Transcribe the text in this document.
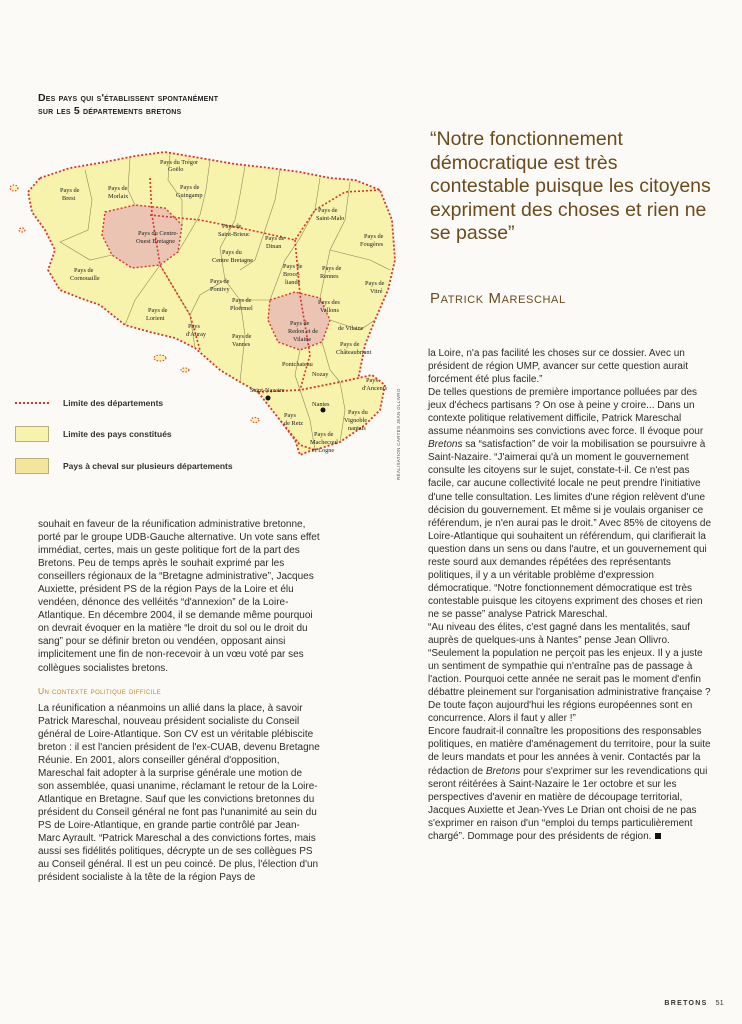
Des pays qui s'établissent spontanément
sur les 5 départements bretons
Pays du Trégor
Goëlo
Pays de
Brest
Pays de
Morlaix
Pays de
Guingamp
Pays du Centre-
Ouest Bretagne
Pays de
Saint-Brieuc
Pays de
Dinan
Pays de
Saint-Malo
Pays de
Fougères
Pays du
Centre Bretagne
Pays de
Cornouaille	Pays de
Pontivy
Pays de
Broce-
liande
Pays de
Rennes
Pays de
Vitré
Pays de
Ploërmel
Pays de
Lorient
Pays des
Vallons
de Vilaine
Pays
d'Auray	Pays de
Vannes
Pays de
Redon et de
Vilaine
Pays de
Châteaubriant
Pontchateau
Nozay
Pays
d'Ancenis
Saint-Nazaire
Nantes
Pays
de Retz
Pays du
Vignoble
nantais
Pays de
Machecoul
et Logne	RÉALISATION CARTES JEAN OLLIVRO
Limite des départements
Limite des pays constitués
Pays à cheval sur plusieurs départements
“Notre fonctionnement démocratique est très contestable puisque les citoyens expriment des choses et rien ne se passe”
Patrick Mareschal

souhait en faveur de la réunification administrative bretonne, porté par le groupe UDB-Gauche alternative. Un vote sans effet immédiat, certes, mais un geste politique fort de la part des Bretons. Peu de temps après le souhait exprimé par les conseillers régionaux de la “Bretagne administrative”, Jacques Auxiette, président PS de la région Pays de la Loire et élu vendéen, dénonce des velléités “d'annexion” de la Loire-Atlantique. En décembre 2004, il se demande même pourquoi on devrait évoquer en la matière “le droit du sol ou le droit du sang” pour se définir breton ou vendéen, opposant ainsi implicitement une fin de non-recevoir à un vœu voté par ses collègues socialistes bretons.

Un contexte politique difficile

La réunification a néanmoins un allié dans la place, à savoir Patrick Mareschal, nouveau président socialiste du Conseil général de Loire-Atlantique. Son CV est un véritable plébiscite breton : il est l'ancien président de l'ex-CUAB, devenu Bretagne Réunie. En 2001, alors conseiller général d'opposition, Mareschal fait adopter à la surprise générale une motion de son assemblée, quasi unanime, réclamant le retour de la Loire-Atlantique en Bretagne. Sauf que les convictions bretonnes du président du Conseil général ne font pas l'unanimité au sein du PS de Loire-Atlantique, en grande partie contrôlé par Jean-Marc Ayrault. “Patrick Mareschal a des convictions fortes, mais aussi ses fidélités politiques, décrypte un de ses collègues PS au Conseil général. Il est un peu coincé. De plus, l'élection d'un président socialiste à la tête de la région Pays de

la Loire, n'a pas facilité les choses sur ce dossier. Avec un président de région UMP, avancer sur cette question aurait forcément été plus facile.”

De telles questions de première importance polluées par des jeux d'échecs partisans ? On ose à peine y croire... Dans un contexte politique relativement difficile, Patrick Mareschal assume néanmoins ses convictions avec force. Il évoque pour Bretons sa “satisfaction” de voir la mobilisation se poursuivre à Saint-Nazaire. “J'aimerai qu'à un moment le gouvernement consulte les citoyens sur le sujet, constate-t-il. Ce n'est pas facile, car aucune collectivité locale ne peut prendre l'initiative d'une telle consultation. Les limites d'une région relèvent d'une décision du gouvernement. Et même si je voulais organiser ce référendum, je n'en aurai pas le droit.” Avec 85% de citoyens de Loire-Atlantique qui souhaitent un référendum, qui clarifierait la question dans un sens ou dans l'autre, et un gouvernement qui reste sourd aux demandes répétées des représentants politiques, il y a un véritable problème d'expression démocratique. “Notre fonctionnement démocratique est très contestable puisque les citoyens expriment des choses et rien ne se passe” analyse Patrick Mareschal.

“Au niveau des élites, c'est gagné dans les mentalités, sauf auprès de quelques-uns à Nantes” pense Jean Ollivro. “Seulement la population ne perçoit pas les enjeux. Il y a juste un sentiment de sympathie qui n'entraîne pas de passage à l'action. Pourquoi cette année ne serait pas le moment d'enfin débattre pleinement sur l'organisation administrative française ? De toute façon aujourd'hui les régions européennes sont en concurrence. Alors il faut y aller !”

Encore faudrait-il connaître les propositions des responsables politiques, en matière d'aménagement du territoire, pour la suite de leurs mandats et pour les années à venir. Contactés par la rédaction de Bretons pour s'exprimer sur les revendications qui seront réitérées à Saint-Nazaire le 1er octobre et sur les perspectives d'avenir en matière de découpage territorial, Jacques Auxiette et Jean-Yves Le Drian ont choisi de ne pas s'exprimer en raison d'un “emploi du temps particulièrement chargé”. Dommage pour des présidents de région.

BRETONS 51
